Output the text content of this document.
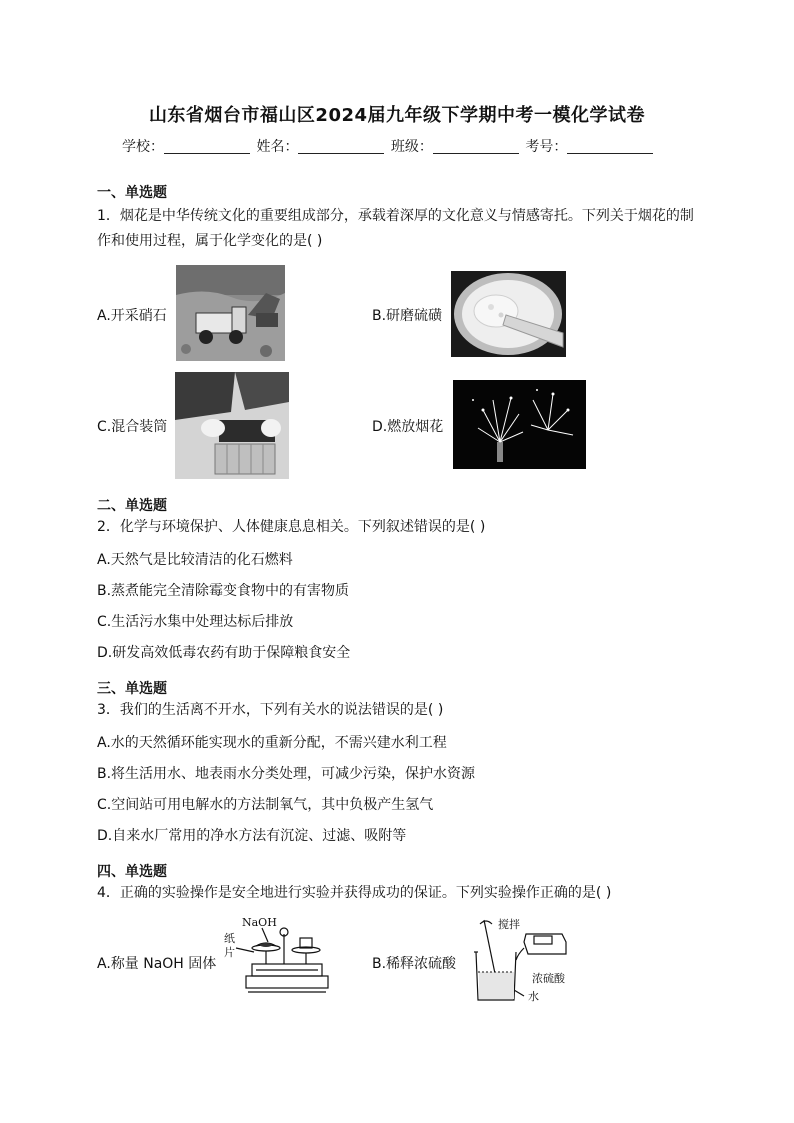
山东省烟台市福山区2024届九年级下学期中考一模化学试卷
学校：	姓名：	班级：	考号：
一、单选题
1．烟花是中华传统文化的重要组成部分，承载着深厚的文化意义与情感寄托。下列关于烟花的制作和使用过程，属于化学变化的是( )
A.开采硝石	B.研磨硫磺
C.混合装筒	D.燃放烟花
二、单选题
2．化学与环境保护、人体健康息息相关。下列叙述错误的是( )
A.天然气是比较清洁的化石燃料
B.蒸煮能完全清除霉变食物中的有害物质
C.生活污水集中处理达标后排放
D.研发高效低毒农药有助于保障粮食安全
三、单选题
3．我们的生活离不开水，下列有关水的说法错误的是( )
A.水的天然循环能实现水的重新分配，不需兴建水利工程
B.将生活用水、地表雨水分类处理，可减少污染，保护水资源
C.空间站可用电解水的方法制氧气，其中负极产生氢气
D.自来水厂常用的净水方法有沉淀、过滤、吸附等
四、单选题
4．正确的实验操作是安全地进行实验并获得成功的保证。下列实验操作正确的是( )
A.称量 NaOH 固体
NaOH
纸
片
B.稀释浓硫酸
搅拌
浓硫酸
水
